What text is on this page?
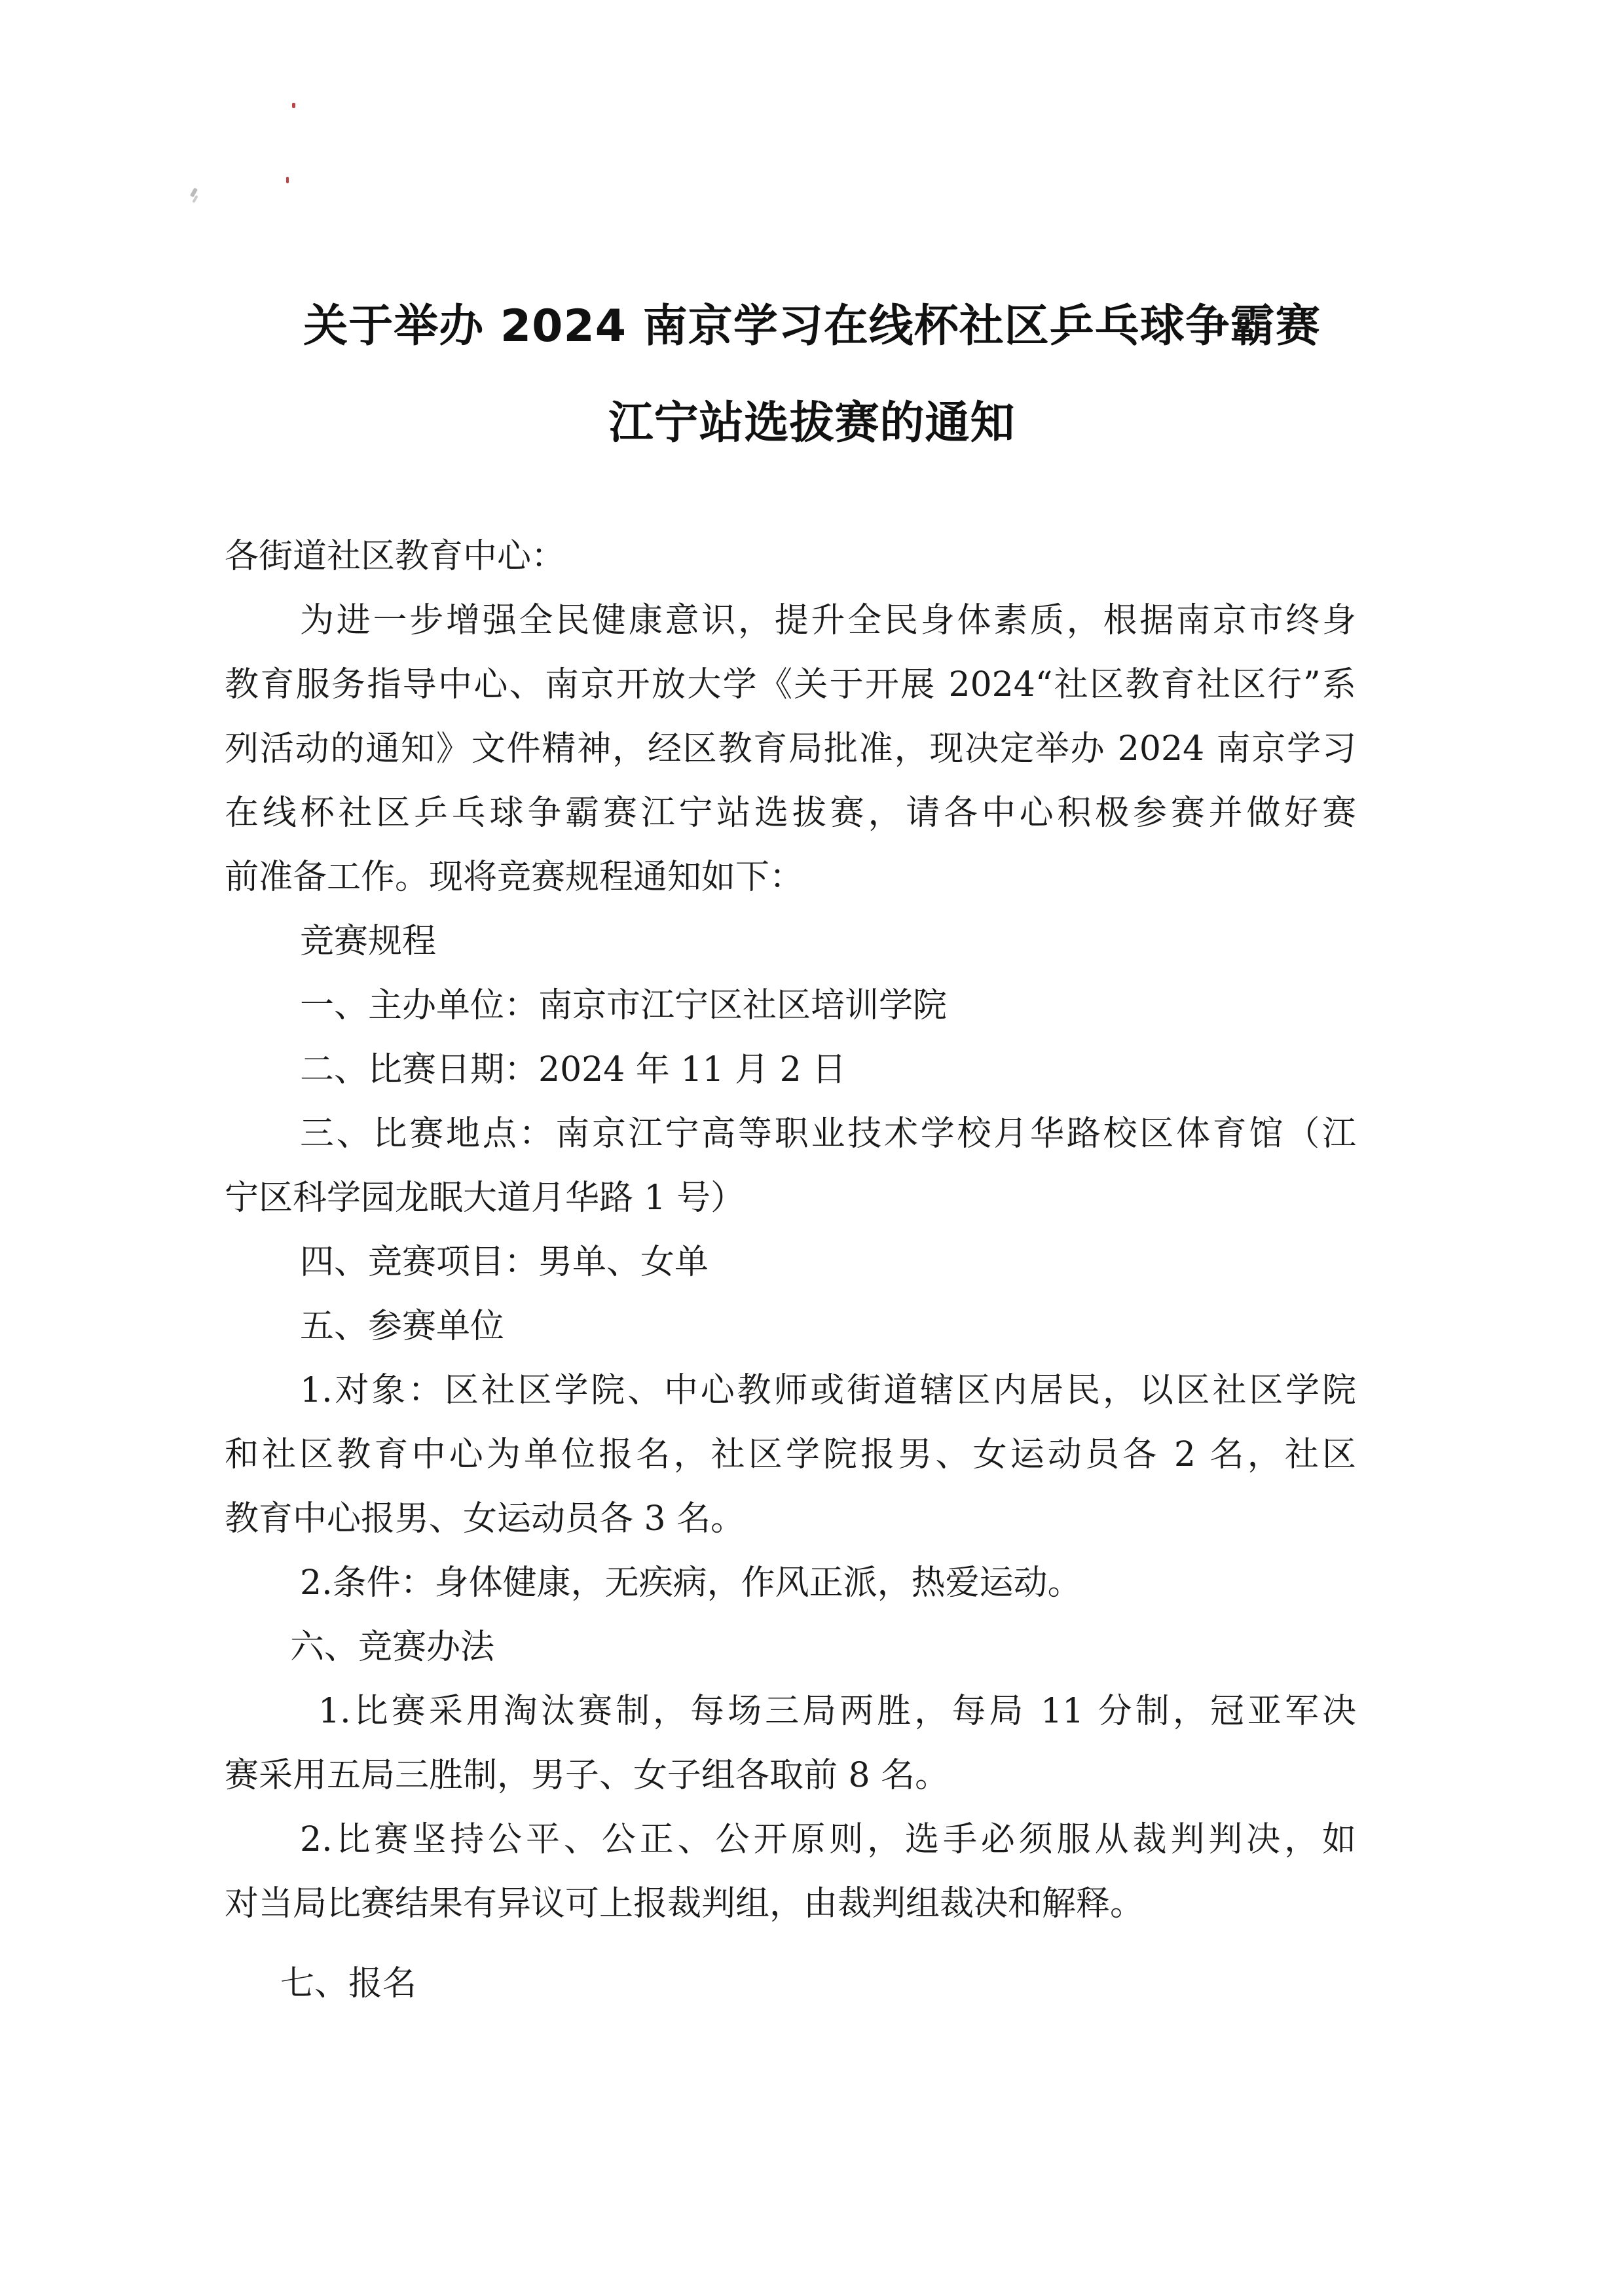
关于举办 2024 南京学习在线杯社区乒乓球争霸赛
江宁站选拔赛的通知
各街道社区教育中心：
为进一步增强全民健康意识，提升全民身体素质，根据南京市终身
教育服务指导中心、南京开放大学《关于开展 2024“社区教育社区行”系
列活动的通知》文件精神，经区教育局批准，现决定举办 2024 南京学习
在线杯社区乒乓球争霸赛江宁站选拔赛，请各中心积极参赛并做好赛
前准备工作。现将竞赛规程通知如下：
竞赛规程
一、主办单位：南京市江宁区社区培训学院
二、比赛日期：2024 年 11 月 2 日
三、比赛地点：南京江宁高等职业技术学校月华路校区体育馆（江
宁区科学园龙眠大道月华路 1 号）
四、竞赛项目：男单、女单
五、参赛单位
1.对象：区社区学院、中心教师或街道辖区内居民，以区社区学院
和社区教育中心为单位报名，社区学院报男、女运动员各 2 名，社区
教育中心报男、女运动员各 3 名。
2.条件：身体健康，无疾病，作风正派，热爱运动。
六、竞赛办法
1.比赛采用淘汰赛制，每场三局两胜，每局 11 分制，冠亚军决
赛采用五局三胜制，男子、女子组各取前 8 名。
2.比赛坚持公平、公正、公开原则，选手必须服从裁判判决，如
对当局比赛结果有异议可上报裁判组，由裁判组裁决和解释。
七、报名
